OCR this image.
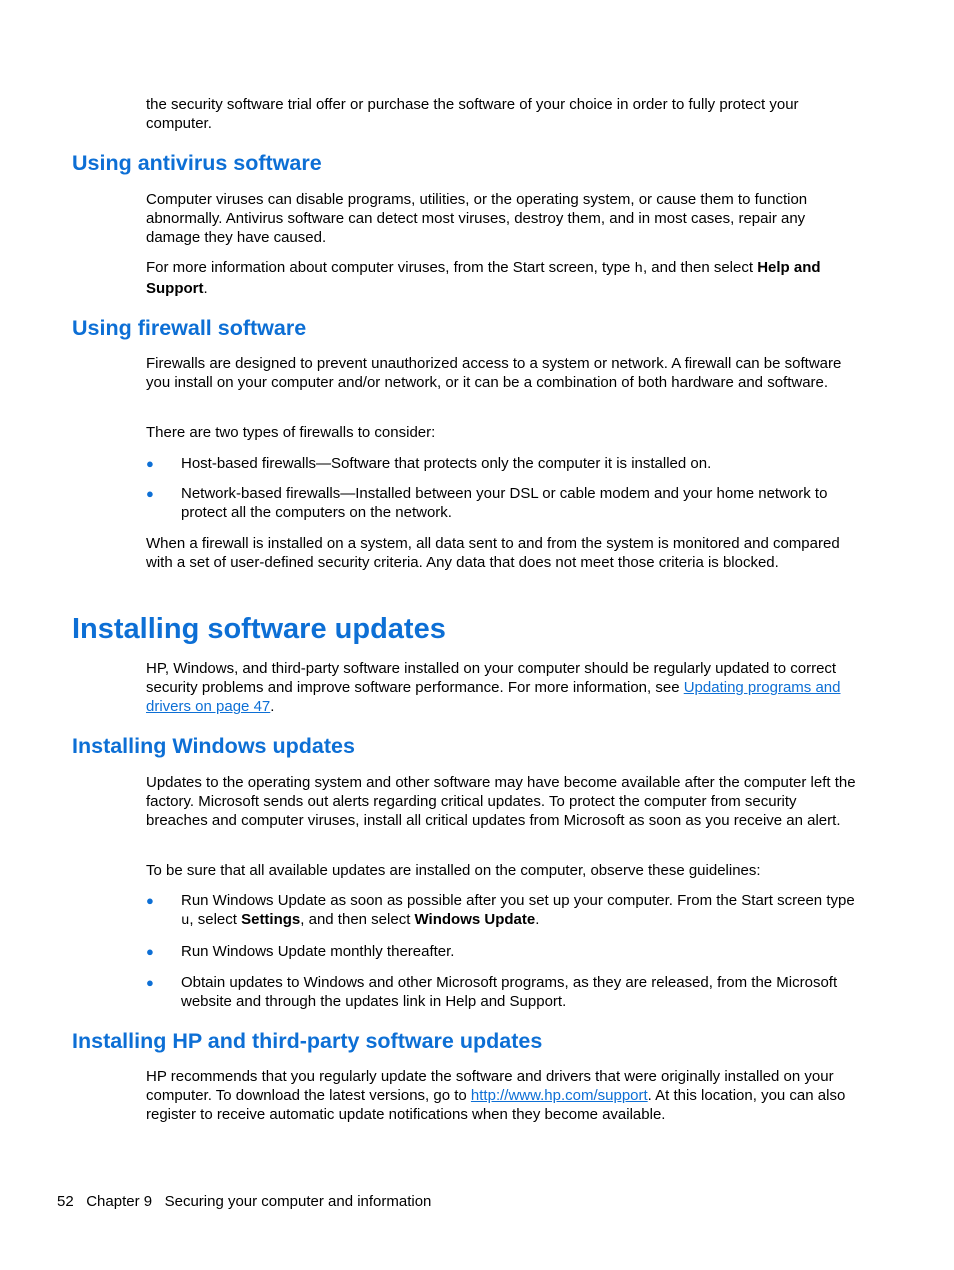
the security software trial offer or purchase the software of your choice in order to fully protect your computer.

Using antivirus software

Computer viruses can disable programs, utilities, or the operating system, or cause them to function abnormally. Antivirus software can detect most viruses, destroy them, and in most cases, repair any damage they have caused.

For more information about computer viruses, from the Start screen, type h, and then select Help and Support.

Using firewall software

Firewalls are designed to prevent unauthorized access to a system or network. A firewall can be software you install on your computer and/or network, or it can be a combination of both hardware and software.

There are two types of firewalls to consider:

● Host-based firewalls—Software that protects only the computer it is installed on.
● Network-based firewalls—Installed between your DSL or cable modem and your home network to protect all the computers on the network.

When a firewall is installed on a system, all data sent to and from the system is monitored and compared with a set of user-defined security criteria. Any data that does not meet those criteria is blocked.

Installing software updates

HP, Windows, and third-party software installed on your computer should be regularly updated to correct security problems and improve software performance. For more information, see Updating programs and drivers on page 47.

Installing Windows updates

Updates to the operating system and other software may have become available after the computer left the factory. Microsoft sends out alerts regarding critical updates. To protect the computer from security breaches and computer viruses, install all critical updates from Microsoft as soon as you receive an alert.

To be sure that all available updates are installed on the computer, observe these guidelines:

● Run Windows Update as soon as possible after you set up your computer. From the Start screen type u, select Settings, and then select Windows Update.
● Run Windows Update monthly thereafter.
● Obtain updates to Windows and other Microsoft programs, as they are released, from the Microsoft website and through the updates link in Help and Support.
Installing HP and third-party software updates

HP recommends that you regularly update the software and drivers that were originally installed on your computer. To download the latest versions, go to http://www.hp.com/support. At this location, you can also register to receive automatic update notifications when they become available.

52 Chapter 9 Securing your computer and information
